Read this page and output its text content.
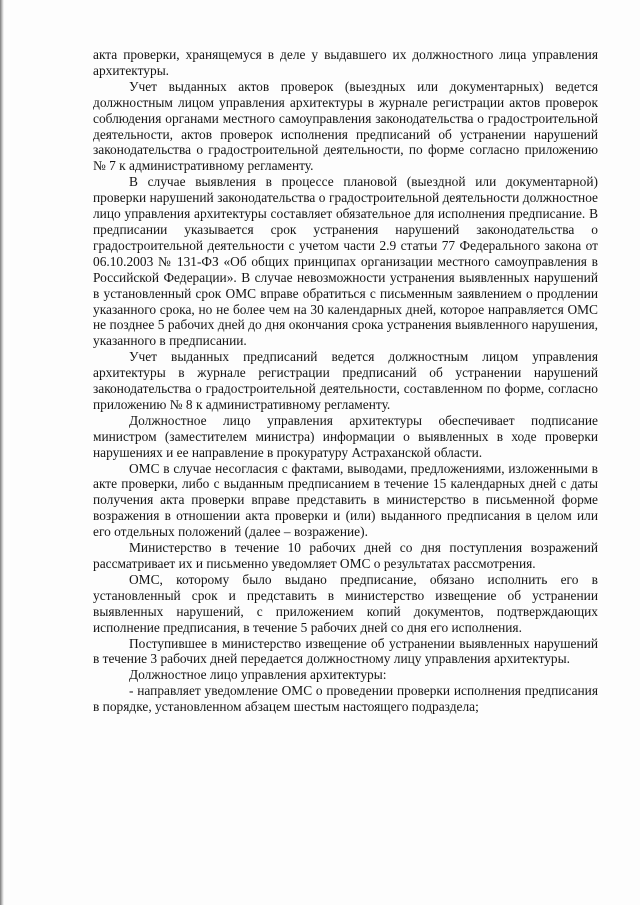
акта проверки, хранящемуся в деле у выдавшего их должностного лица управления архитектуры.

Учет выданных актов проверок (выездных или документарных) ведется должностным лицом управления архитектуры в журнале регистрации актов проверок соблюдения органами местного самоуправления законодательства о градостроительной деятельности, актов проверок исполнения предписаний об устранении нарушений законодательства о градостроительной деятельности, по форме согласно приложению № 7 к административному регламенту.

В случае выявления в процессе плановой (выездной или документарной) проверки нарушений законодательства о градостроительной деятельности должностное лицо управления архитектуры составляет обязательное для исполнения предписание. В предписании указывается срок устранения нарушений законодательства о градостроительной деятельности с учетом части 2.9 статьи 77 Федерального закона от 06.10.2003 № 131-ФЗ «Об общих принципах организации местного самоуправления в Российской Федерации». В случае невозможности устранения выявленных нарушений в установленный срок ОМС вправе обратиться с письменным заявлением о продлении указанного срока, но не более чем на 30 календарных дней, которое направляется ОМС не позднее 5 рабочих дней до дня окончания срока устранения выявленного нарушения, указанного в предписании.

Учет выданных предписаний ведется должностным лицом управления архитектуры в журнале регистрации предписаний об устранении нарушений законодательства о градостроительной деятельности, составленном по форме, согласно приложению № 8 к административному регламенту.

Должностное лицо управления архитектуры обеспечивает подписание министром (заместителем министра) информации о выявленных в ходе проверки нарушениях и ее направление в прокуратуру Астраханской области.

ОМС в случае несогласия с фактами, выводами, предложениями, изложенными в акте проверки, либо с выданным предписанием в течение 15 календарных дней с даты получения акта проверки вправе представить в министерство в письменной форме возражения в отношении акта проверки и (или) выданного предписания в целом или его отдельных положений (далее – возражение).

Министерство в течение 10 рабочих дней со дня поступления возражений рассматривает их и письменно уведомляет ОМС о результатах рассмотрения.

ОМС, которому было выдано предписание, обязано исполнить его в установленный срок и представить в министерство извещение об устранении выявленных нарушений, с приложением копий документов, подтверждающих исполнение предписания, в течение 5 рабочих дней со дня его исполнения.

Поступившее в министерство извещение об устранении выявленных нарушений в течение 3 рабочих дней передается должностному лицу управления архитектуры.

Должностное лицо управления архитектуры:

- направляет уведомление ОМС о проведении проверки исполнения предписания в порядке, установленном абзацем шестым настоящего подраздела;
